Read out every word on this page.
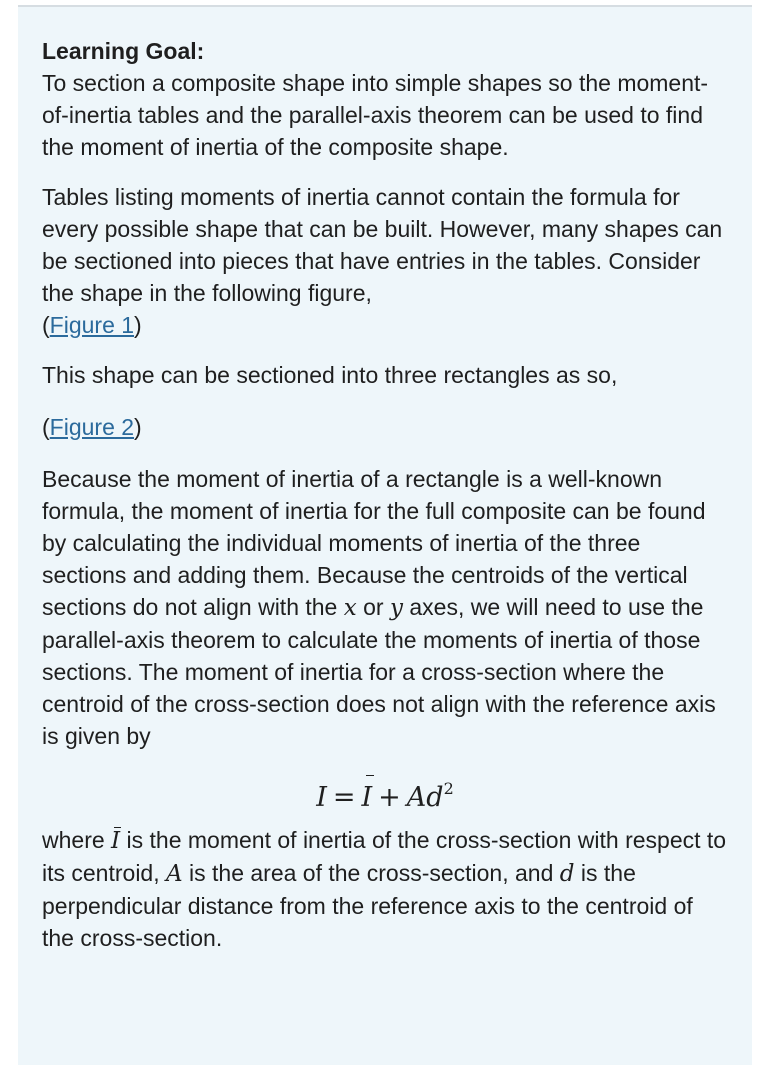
Learning Goal:
To section a composite shape into simple shapes so the moment-of-inertia tables and the parallel-axis theorem can be used to find the moment of inertia of the composite shape.

Tables listing moments of inertia cannot contain the formula for every possible shape that can be built. However, many shapes can be sectioned into pieces that have entries in the tables. Consider the shape in the following figure,
(Figure 1)

This shape can be sectioned into three rectangles as so,

(Figure 2)

Because the moment of inertia of a rectangle is a well-known formula, the moment of inertia for the full composite can be found by calculating the individual moments of inertia of the three sections and adding them. Because the centroids of the vertical sections do not align with the x or y axes, we will need to use the parallel-axis theorem to calculate the moments of inertia of those sections. The moment of inertia for a cross-section where the centroid of the cross-section does not align with the reference axis is given by

$I = I + Ad^2$

where I is the moment of inertia of the cross-section with respect to its centroid, A is the area of the cross-section, and d is the perpendicular distance from the reference axis to the centroid of the cross-section.
